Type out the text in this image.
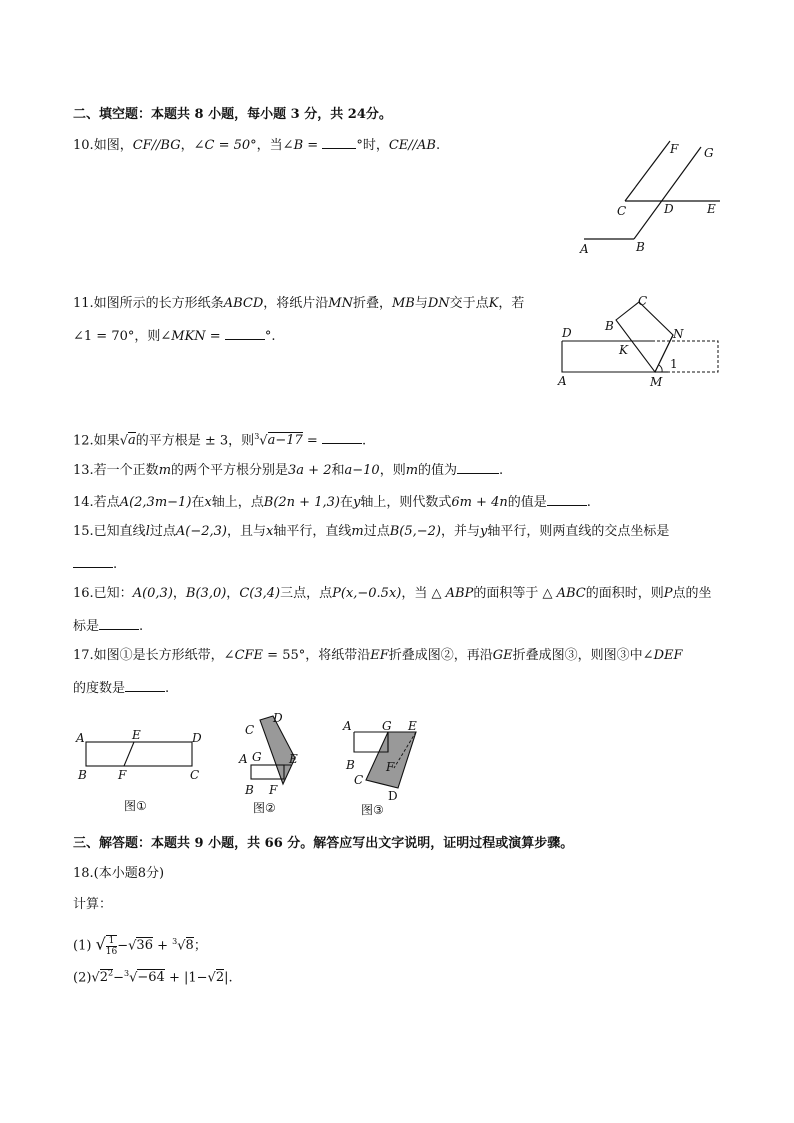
二、填空题：本题共 8 小题，每小题 3 分，共 24分。
10.如图，CF//BG，∠C = 50°，当∠B =	°时，CE//AB.	F G
C	D	E
A	B
11.如图所示的长方形纸条ABCD，将纸片沿MN折叠，MB与DN交于点K，若
∠1 = 70°，则∠MKN =	°.
C
B
N
D
K
1
A	M
12.如果√a的平方根是 ± 3，则$^3$√a−17 =	.
13.若一个正数m的两个平方根分别是3a + 2和a−10，则m的值为	.
14.若点A(2,3m−1)在x轴上，点B(2n + 1,3)在y轴上，则代数式6m + 4n的值是	.
15.已知直线l过点A(−2,3)，且与x轴平行，直线m过点B(5,−2)，并与y轴平行，则两直线的交点坐标是
.
16.已知：A(0,3)，B(3,0)，C(3,4)三点，点P(x,−0.5x)，当 △ ABP的面积等于 △ ABC的面积时，则P点的坐
标是	.
17.如图①是长方形纸带，∠CFE = 55°，将纸带沿EF折叠成图②，再沿GE折叠成图③，则图③中∠DEF
的度数是	.
A	E	D
B	F	C
图①
D
C
A G E
B F
图②
A	G E
B	F
C
D
图③
三、解答题：本题共 9 小题，共 66 分。解答应写出文字说明，证明过程或演算步骤。
18.(本小题8分)
计算：
(1) √ $\frac{1}{16} -√36 + ^3√8$；
$(2)√2^2-^3√-64 + |1-√2|$.
